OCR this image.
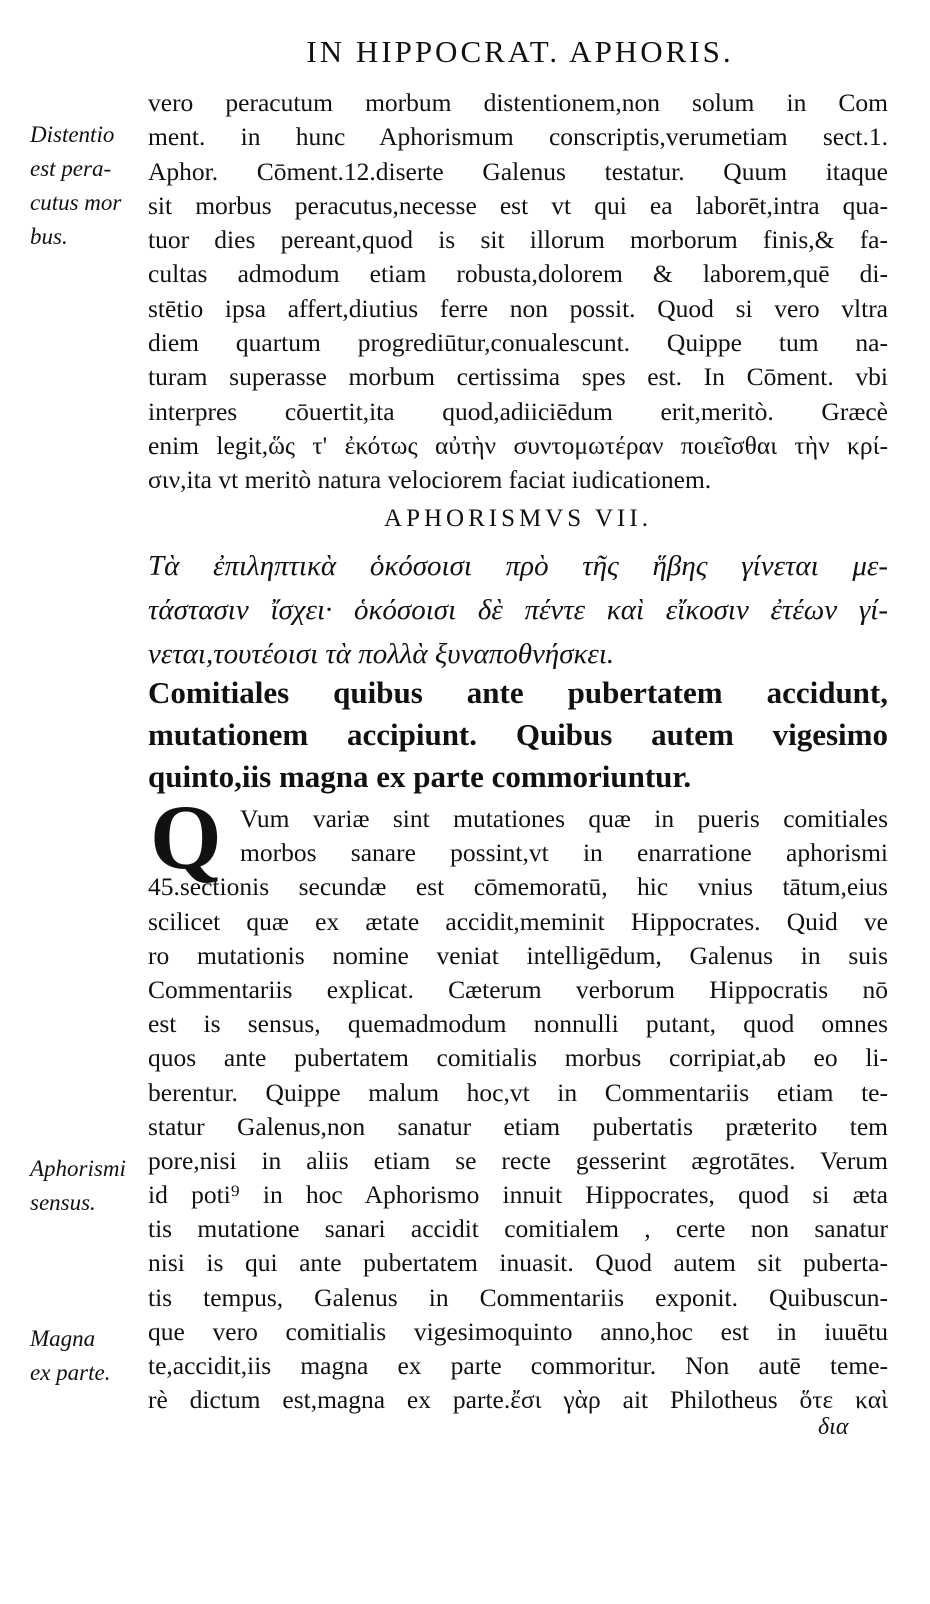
IN HIPPOCRAT. APHORIS.
Distentio
est pera-
cutus mor
bus.
vero peracutum morbum distentionem,non solum in Com
ment. in hunc Aphorismum conscriptis,verumetiam sect.1.
Aphor. Cōment.12.diserte Galenus testatur. Quum itaque
sit morbus peracutus,necesse est vt qui ea laborēt,intra qua-
tuor dies pereant,quod is sit illorum morborum finis,& fa-
cultas admodum etiam robusta,dolorem & laborem,quē di-
stētio ipsa affert,diutius ferre non possit. Quod si vero vltra
diem quartum progrediūtur,conualescunt. Quippe tum na-
turam superasse morbum certissima spes est. In Cōment. vbi
interpres cōuertit,ita quod,adiiciēdum erit,meritò. Græcè
enim legit,ὥς τ' ἐκότως αὐτὴν συντομωτέραν ποιεῖσθαι τὴν κρί-
σιν,ita vt meritò natura velociorem faciat iudicationem.
APHORISMVS VII.
Τὰ ἐπιληπτικὰ ὁκόσοισι πρὸ τῆς ἥβης γίνεται με-
τάστασιν ἴσχει· ὁκόσοισι δὲ πέντε καὶ εἴκοσιν ἐτέων γί-
νεται,τουτέοισι τὰ πολλὰ ξυναποθνήσκει.
Comitiales quibus ante pubertatem accidunt,
mutationem accipiunt. Quibus autem vigesimo
quinto,iis magna ex parte commoriuntur.
Q
Aphorismi
sensus.
Magna
ex parte.
Vum variæ sint mutationes quæ in pueris comitiales
morbos sanare possint,vt in enarratione aphorismi
45.sectionis secundæ est cōmemoratū, hic vnius tātum,eius
scilicet quæ ex ætate accidit,meminit Hippocrates. Quid ve
ro mutationis nomine veniat intelligēdum, Galenus in suis
Commentariis explicat. Cæterum verborum Hippocratis nō
est is sensus, quemadmodum nonnulli putant, quod omnes
quos ante pubertatem comitialis morbus corripiat,ab eo li-
berentur. Quippe malum hoc,vt in Commentariis etiam te-
statur Galenus,non sanatur etiam pubertatis præterito tem
pore,nisi in aliis etiam se recte gesserint ægrotātes. Verum
id poti⁹ in hoc Aphorismo innuit Hippocrates, quod si æta
tis mutatione sanari accidit comitialem , certe non sanatur
nisi is qui ante pubertatem inuasit. Quod autem sit puberta-
tis tempus, Galenus in Commentariis exponit. Quibuscun-
que vero comitialis vigesimoquinto anno,hoc est in iuuētu
te,accidit,iis magna ex parte commoritur. Non autē teme-
rè dictum est,magna ex parte.ἔσι γὰρ ait Philotheus ὅτε καὶ
δια
